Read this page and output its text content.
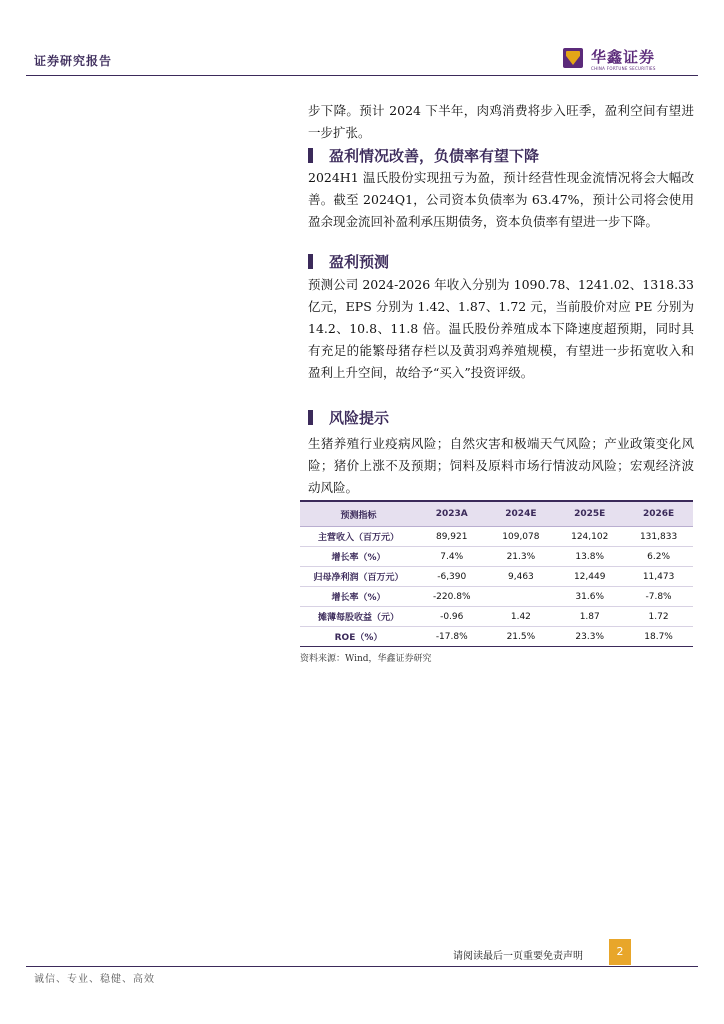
证券研究报告	华鑫证券
CHINA FORTUNE SECURITIES

步下降。预计 2024 下半年，肉鸡消费将步入旺季，盈利空间有望进一步扩张。

盈利情况改善，负债率有望下降

2024H1 温氏股份实现扭亏为盈，预计经营性现金流情况将会大幅改善。截至 2024Q1，公司资本负债率为 63.47%，预计公司将会使用盈余现金流回补盈利承压期债务，资本负债率有望进一步下降。

盈利预测

预测公司 2024-2026 年收入分别为 1090.78、1241.02、1318.33 亿元，EPS 分别为 1.42、1.87、1.72 元，当前股价对应 PE 分别为 14.2、10.8、11.8 倍。温氏股份养殖成本下降速度超预期，同时具有充足的能繁母猪存栏以及黄羽鸡养殖规模，有望进一步拓宽收入和盈利上升空间，故给予“买入”投资评级。

风险提示

生猪养殖行业疫病风险；自然灾害和极端天气风险；产业政策变化风险；猪价上涨不及预期；饲料及原料市场行情波动风险；宏观经济波动风险。

预测指标	2023A	2024E	2025E	2026E
主营收入（百万元）	89,921	109,078	124,102	131,833
增长率（%）	7.4%	21.3%	13.8%	6.2%
归母净利润（百万元）	-6,390	9,463	12,449	11,473
增长率（%）	-220.8%		31.6%	-7.8%
摊薄每股收益（元）	-0.96	1.42	1.87	1.72
ROE（%）	-17.8%	21.5%	23.3%	18.7%
资料来源：Wind，华鑫证券研究
请阅读最后一页重要免责声明	2
诚信、专业、稳健、高效
